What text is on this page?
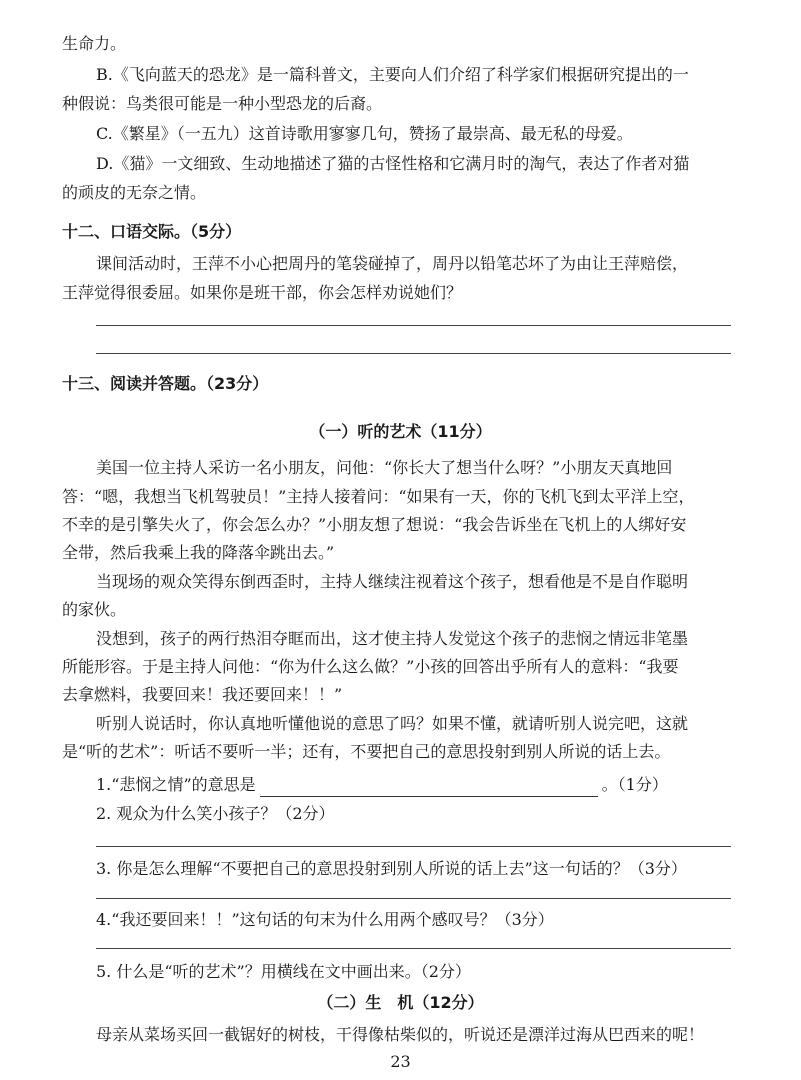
生命力。
B.《飞向蓝天的恐龙》是一篇科普文，主要向人们介绍了科学家们根据研究提出的一
种假说：鸟类很可能是一种小型恐龙的后裔。
C.《繁星》（一五九）这首诗歌用寥寥几句，赞扬了最崇高、最无私的母爱。
D.《猫》一文细致、生动地描述了猫的古怪性格和它满月时的淘气，表达了作者对猫
的顽皮的无奈之情。
十二、口语交际。（5分）
课间活动时，王萍不小心把周丹的笔袋碰掉了，周丹以铅笔芯坏了为由让王萍赔偿，
王萍觉得很委屈。如果你是班干部，你会怎样劝说她们？
十三、阅读并答题。（23分）
（一）听的艺术（11分）
美国一位主持人采访一名小朋友，问他：“你长大了想当什么呀？”小朋友天真地回
答：“嗯，我想当飞机驾驶员！”主持人接着问：“如果有一天，你的飞机飞到太平洋上空，
不幸的是引擎失火了，你会怎么办？”小朋友想了想说：“我会告诉坐在飞机上的人绑好安
全带，然后我乘上我的降落伞跳出去。”
当现场的观众笑得东倒西歪时，主持人继续注视着这个孩子，想看他是不是自作聪明
的家伙。
没想到，孩子的两行热泪夺眶而出，这才使主持人发觉这个孩子的悲悯之情远非笔墨
所能形容。于是主持人问他：“你为什么这么做？”小孩的回答出乎所有人的意料：“我要
去拿燃料，我要回来！我还要回来！！”
听别人说话时，你认真地听懂他说的意思了吗？如果不懂，就请听别人说完吧，这就
是“听的艺术”：听话不要听一半；还有，不要把自己的意思投射到别人所说的话上去。
1.“悲悯之情”的意思是	。（1分）
2. 观众为什么笑小孩子？（2分）
3. 你是怎么理解“不要把自己的意思投射到别人所说的话上去”这一句话的？（3分）
4.“我还要回来！！”这句话的句末为什么用两个感叹号？（3分）
5. 什么是“听的艺术”？用横线在文中画出来。（2分）
（二）生　机（12分）
母亲从菜场买回一截锯好的树枝，干得像枯柴似的，听说还是漂洋过海从巴西来的呢！
23
